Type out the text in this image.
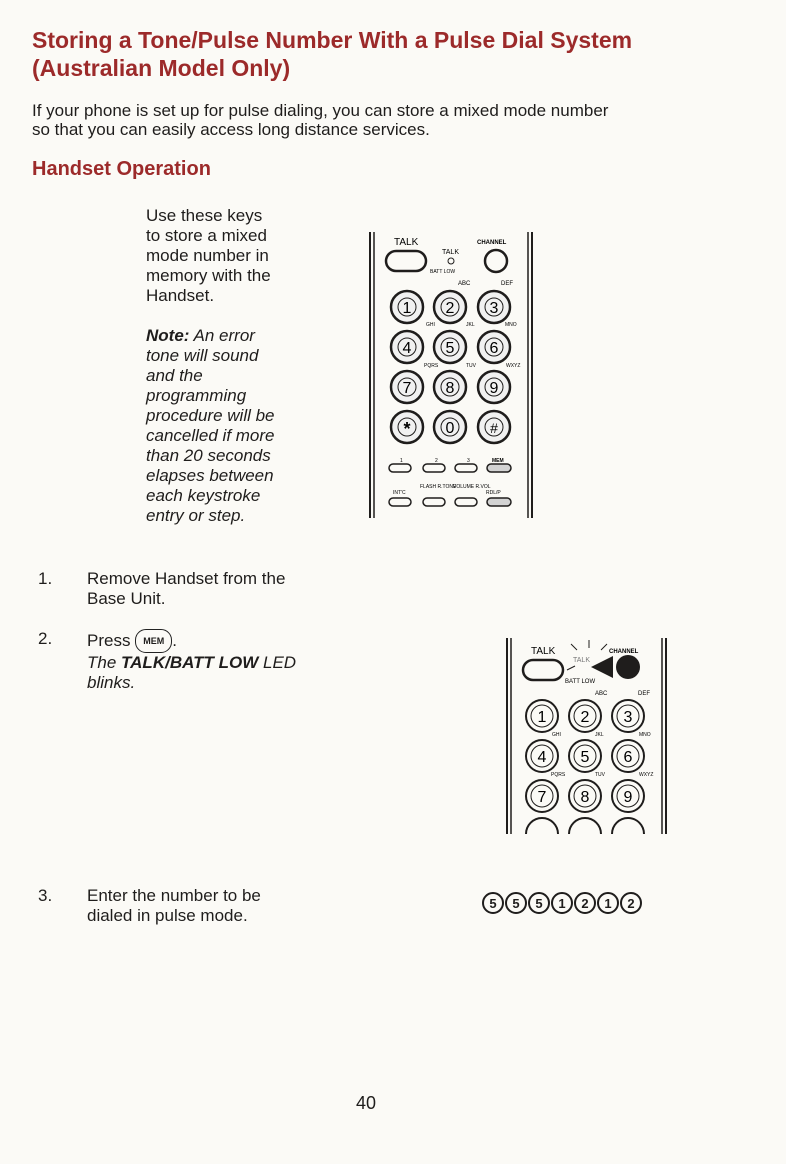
Storing a Tone/Pulse Number With a Pulse Dial System
(Australian Model Only)
If your phone is set up for pulse dialing, you can store a mixed mode number
so that you can easily access long distance services.
Handset Operation
Use these keys
to store a mixed
mode number in
memory with the
Handset.
Note: An error
tone will sound
and the
programming
procedure will be
cancelled if more
than 20 seconds
elapses between
each keystroke
entry or step.
TALK
TALK
BATT LOW
CHANNEL
ABC	DEF
GHI	JKL	MNO
PQRS	TUV	WXYZ
1 2 3
4 5 6
7 8 9
* 0	#
1	2	3	MEM
INT'C
FLASH R.TONE
VOLUME R.VOL
RDL/P
1. Remove Handset from the
Base Unit.
2. Press MEM .
The TALK/BATT LOW LED
blinks.
TALK
TALK
BATT LOW
CHANNEL
ABC	DEF
GHI	JKL	MNO
PQRS	TUV	WXYZ
1 2 3
4 5 6
7 8 9
3. Enter the number to be
dialed in pulse mode.
5	5	5	1	2	1	2
40
